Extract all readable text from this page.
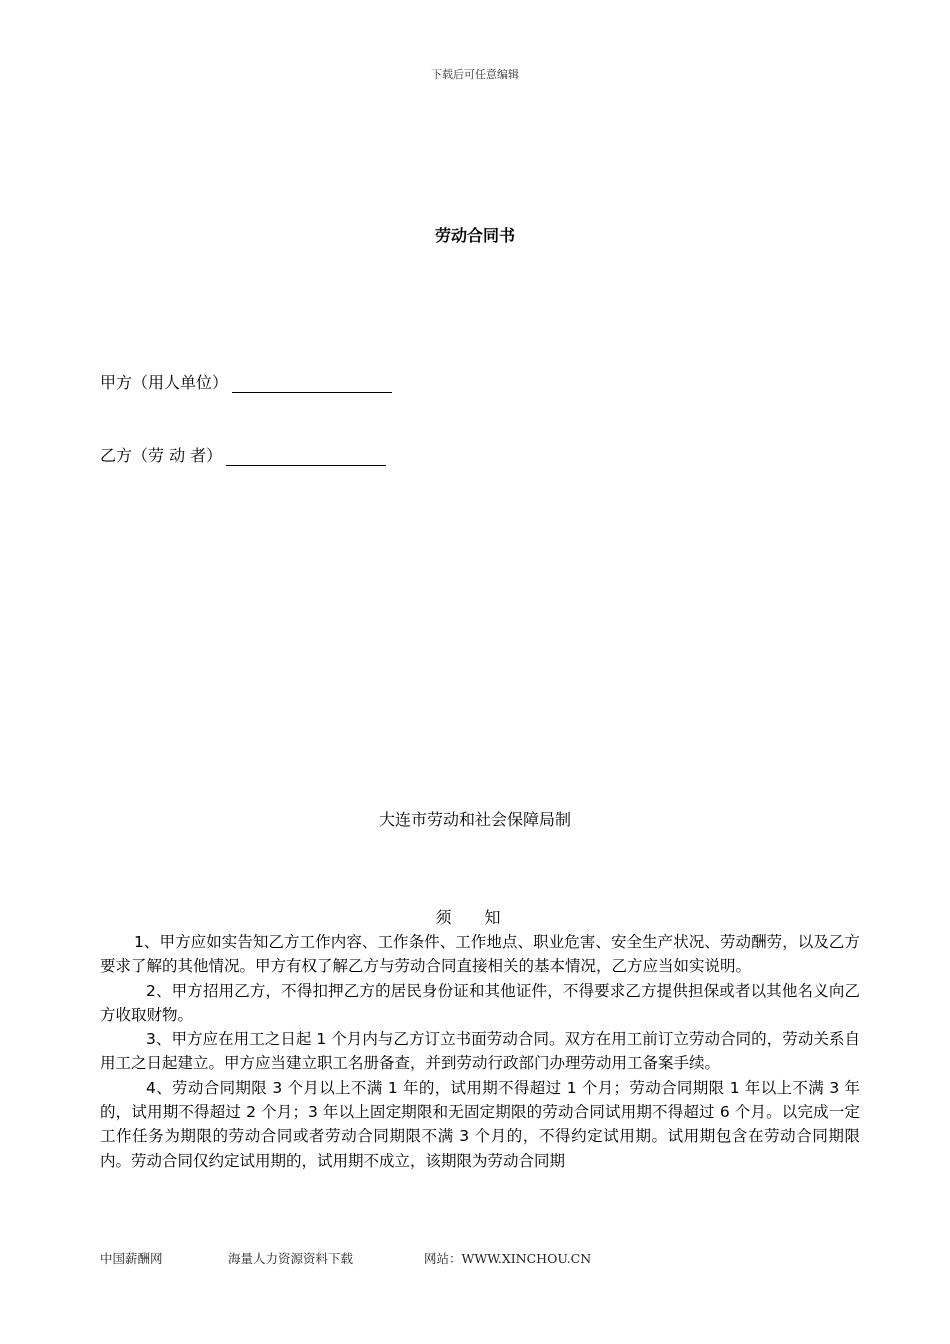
下载后可任意编辑
劳动合同书
甲方（用人单位）
乙方（劳 动 者）
大连市劳动和社会保障局制
须 知

1、甲方应如实告知乙方工作内容、工作条件、工作地点、职业危害、安全生产状况、劳动酬劳，以及乙方要求了解的其他情况。甲方有权了解乙方与劳动合同直接相关的基本情况，乙方应当如实说明。

2、甲方招用乙方，不得扣押乙方的居民身份证和其他证件，不得要求乙方提供担保或者以其他名义向乙方收取财物。

3、甲方应在用工之日起 1 个月内与乙方订立书面劳动合同。双方在用工前订立劳动合同的，劳动关系自用工之日起建立。甲方应当建立职工名册备查，并到劳动行政部门办理劳动用工备案手续。

4、劳动合同期限 3 个月以上不满 1 年的，试用期不得超过 1 个月；劳动合同期限 1 年以上不满 3 年的，试用期不得超过 2 个月；3 年以上固定期限和无固定期限的劳动合同试用期不得超过 6 个月。以完成一定工作任务为期限的劳动合同或者劳动合同期限不满 3 个月的，不得约定试用期。试用期包含在劳动合同期限内。劳动合同仅约定试用期的，试用期不成立，该期限为劳动合同期

中国薪酬网	海量人力资源资料下载	网站：WWW.XINCHOU.CN
